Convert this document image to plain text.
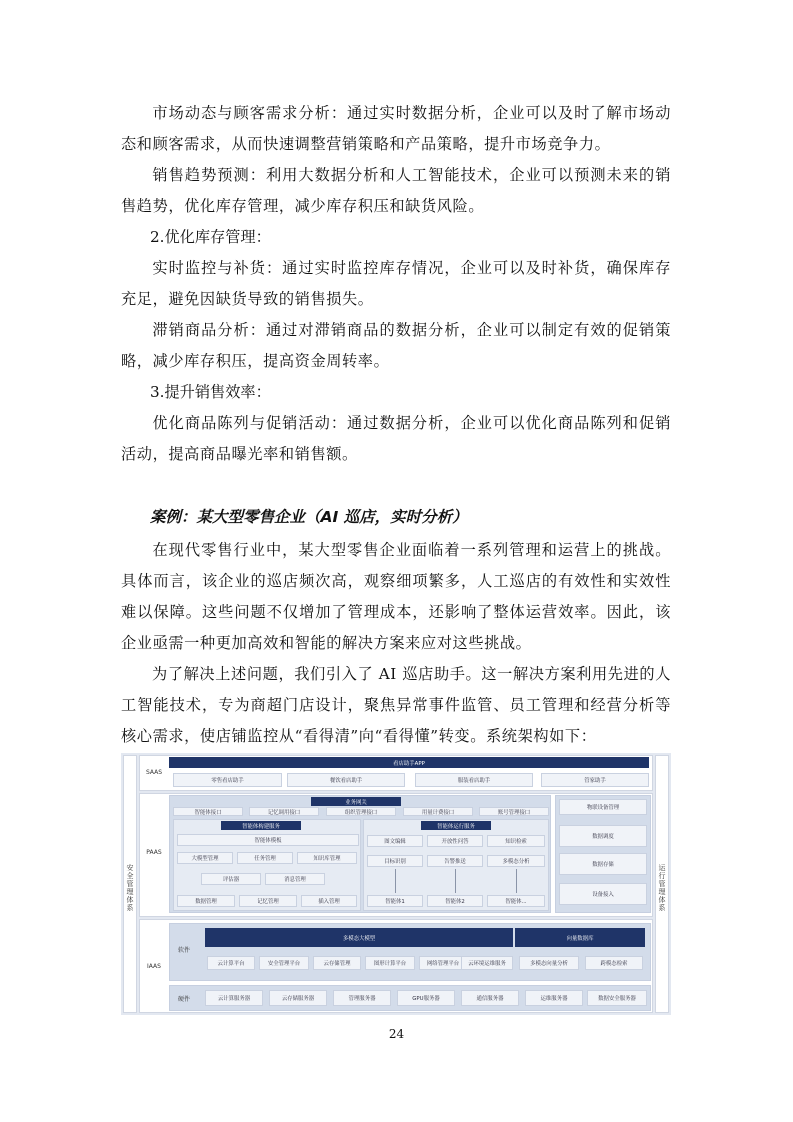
市场动态与顾客需求分析：通过实时数据分析，企业可以及时了解市场动态和顾客需求，从而快速调整营销策略和产品策略，提升市场竞争力。

销售趋势预测：利用大数据分析和人工智能技术，企业可以预测未来的销售趋势，优化库存管理，减少库存积压和缺货风险。

2.优化库存管理：

实时监控与补货：通过实时监控库存情况，企业可以及时补货，确保库存充足，避免因缺货导致的销售损失。

滞销商品分析：通过对滞销商品的数据分析，企业可以制定有效的促销策略，减少库存积压，提高资金周转率。

3.提升销售效率：

优化商品陈列与促销活动：通过数据分析，企业可以优化商品陈列和促销活动，提高商品曝光率和销售额。

案例：某大型零售企业（AI 巡店，实时分析）

在现代零售行业中，某大型零售企业面临着一系列管理和运营上的挑战。具体而言，该企业的巡店频次高，观察细项繁多，人工巡店的有效性和实效性难以保障。这些问题不仅增加了管理成本，还影响了整体运营效率。因此，该企业亟需一种更加高效和智能的解决方案来应对这些挑战。

为了解决上述问题，我们引入了 AI 巡店助手。这一解决方案利用先进的人工智能技术，专为商超门店设计，聚焦异常事件监管、员工管理和经营分析等核心需求，使店铺监控从“看得清”向“看得懂”转变。系统架构如下：

安全管理体系
运行管理体系
SAAS
看店助手APP
零售看店助手	餐饮看店助手	服装看店助手	管家助手
PAAS
业务网关
智能体接口	记忆调用接口	组织管理接口	用量计费接口	账号管理接口
智能体构建服务
智能体模板
大模型管理	任务管理	知识库管理
评估器	消息管理
数据管理	记忆管理	插入管理
智能体运行服务
图文编辑	开放性问答	知识检索
目标识别	告警推送	多模态分析
智能体1	智能体2	智能体...
物联设备管理
数据调度
数据存储
设备接入
IAAS
软件
多模态大模型	向量数据库
云计算平台	安全管理平台	云存储管理	图形计算平台	网络管理平台	云环境运维服务	多模态向量分析	跨模态检索
硬件	云计算服务器	云存储服务器	管理服务器	GPU服务器	通信服务器	运维服务器	数据安全服务器
24
